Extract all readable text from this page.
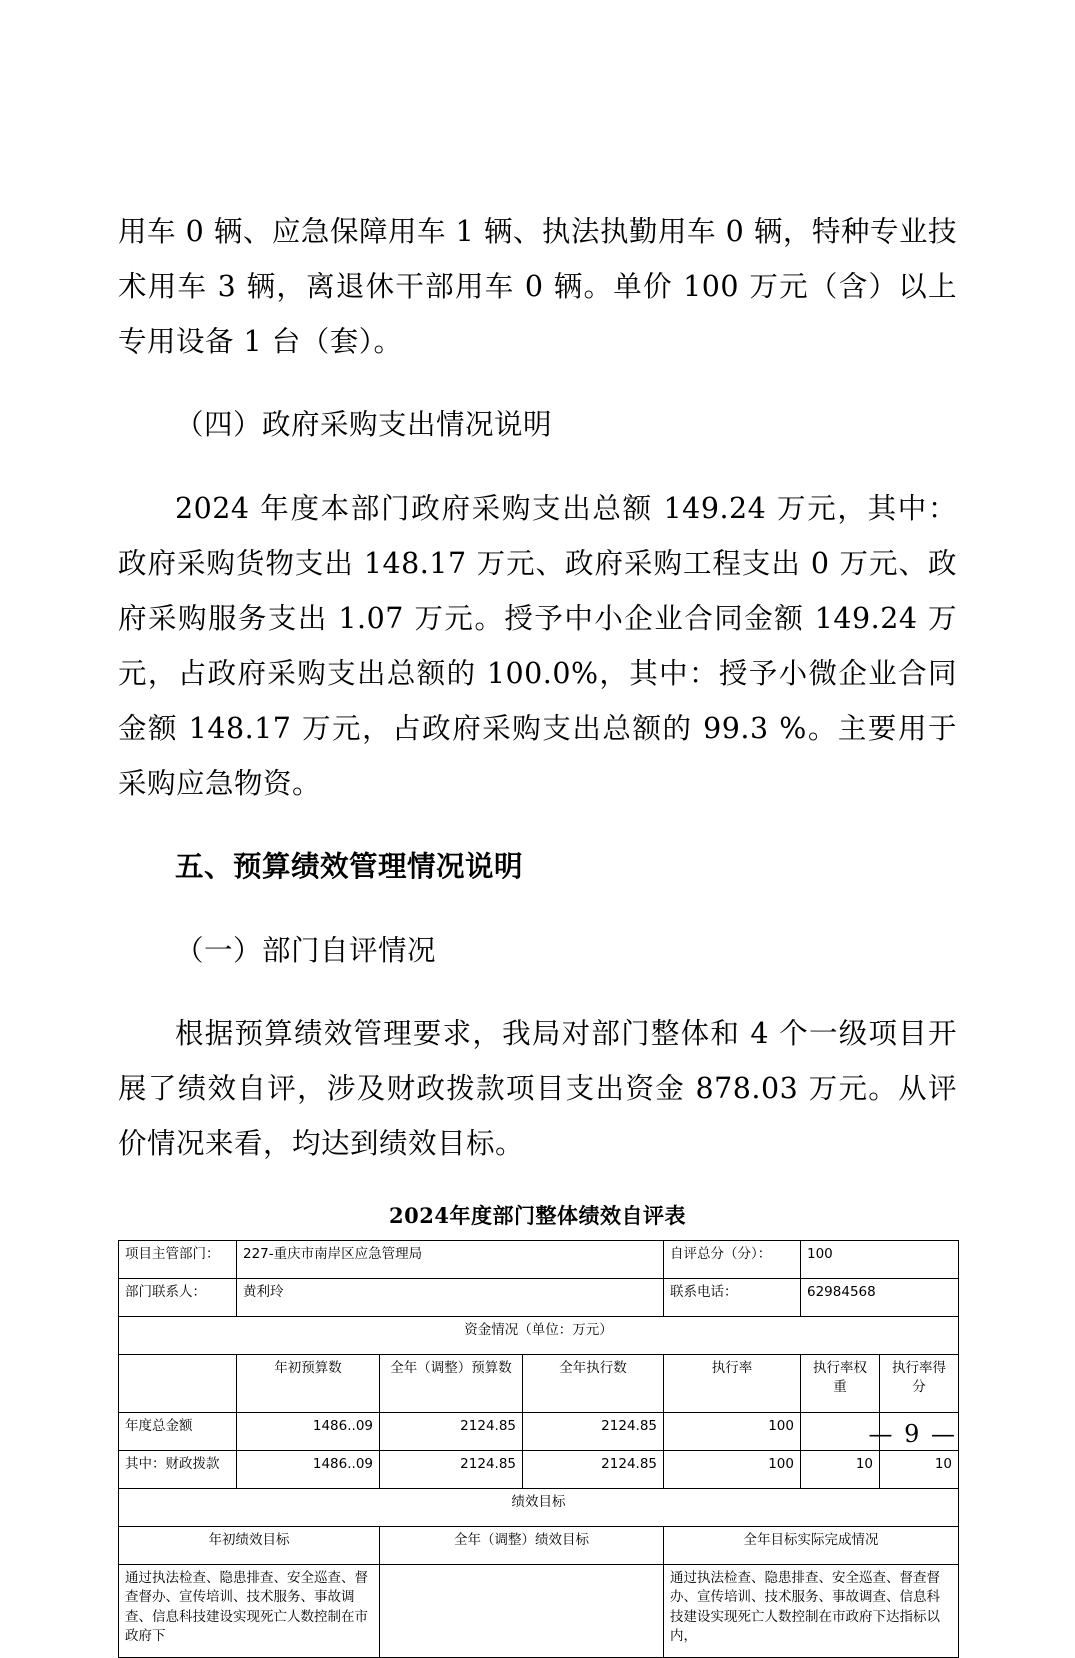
用车 0 辆、应急保障用车 1 辆、执法执勤用车 0 辆，特种专业技术用车 3 辆，离退休干部用车 0 辆。单价 100 万元（含）以上专用设备 1 台（套）。

（四）政府采购支出情况说明

2024 年度本部门政府采购支出总额 149.24 万元，其中：政府采购货物支出 148.17 万元、政府采购工程支出 0 万元、政府采购服务支出 1.07 万元。授予中小企业合同金额 149.24 万元，占政府采购支出总额的 100.0%，其中：授予小微企业合同金额 148.17 万元，占政府采购支出总额的 99.3 %。主要用于采购应急物资。

五、预算绩效管理情况说明

（一）部门自评情况

根据预算绩效管理要求，我局对部门整体和 4 个一级项目开展了绩效自评，涉及财政拨款项目支出资金 878.03 万元。从评价情况来看，均达到绩效目标。

2024年度部门整体绩效自评表
项目主管部门：	227-重庆市南岸区应急管理局			自评总分（分）：	100	
部门联系人：	黄利玲			联系电话：	62984568	
资金情况（单位：万元）						
	年初预算数	全年（调整）预算数	全年执行数	执行率	执行率权重	执行率得分
年度总金额	1486..09	2124.85	2124.85	100		
其中：财政拨款	1486..09	2124.85	2124.85	100	10	10
绩效目标						
年初绩效目标		全年（调整）绩效目标		全年目标实际完成情况		
通过执法检查、隐患排查、安全巡查、督查督办、宣传培训、技术服务、事故调查、信息科技建设实现死亡人数控制在市政府下				通过执法检查、隐患排查、安全巡查、督查督办、宣传培训、技术服务、事故调查、信息科技建设实现死亡人数控制在市政府下达指标以内，		
— 9 —
